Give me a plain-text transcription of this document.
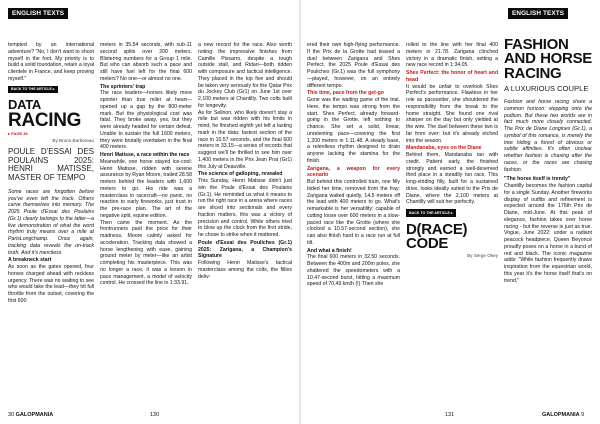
ENGLISH TEXTS

tempted by an international adventure? "No, I don't want to shoot myself in the foot. My priority is to build a solid foundation, retain a loyal clientele in France, and keep proving myself."

BACK TO THE ARTICLE ▸
DATA
RACING
▸ PAGE 36
By Bruno Barbereau
POULE D'ESSAI DES POULAINS 2025: HENRI MATISSE, MASTER OF TEMPO

Some races are forgotten before you've even left the track. Others carve themselves into memory. The 2025 Poule d'Essai des Poulains (Gr.1) clearly belongs to the latter—a live demonstration of what the word rhythm truly means over a mile at ParisLongchamp. Once again, tracking data reveals the on-track truth. And it's merciless.

A breakneck start

As soon as the gates opened, four horses charged ahead with reckless urgency. There was no waiting to see who would take the lead—they hit full throttle from the outset, covering the first 600

meters in 35.54 seconds, with sub-11 second splits over 200 meters. Blistering numbers for a Group 1 mile. But who can absorb such a pace and still have fuel left for the final 600 meters? No one—or almost no one.

The sprinters' trap

The race leaders—horses likely more sprinter than true miler at heart—opened up a gap by the 800-meter mark. But the physiological cost was fatal. They broke away, yes, but they were already headed for certain defeat. Unable to sustain the full 1600 meters, they were brutally overtaken in the final 400 meters.

Henri Matisse, a race within the race

Meanwhile, one horse stayed ice-cool: Henri Matisse, ridden with serene assurance by Ryan Moore, trailed 28.58 meters behind the leaders with 1,600 meters to go. His ride was a masterclass in racecraft—no panic, no reaction to early fireworks, just trust in the pre-race plan. The art of the negative split, equine edition.

Then came the moment. As the frontrunners paid the price for their madness, Moore calmly asked for acceleration. Tracking data showed a horse lengthening with ease, gaining ground meter by meter—like an artist completing his masterpiece. This was no longer a race, it was a lesson in pace management, a model of velocity control. He crossed the line in 1:33.91,

a new record for the race. Also worth noting: the impressive finishes from Camille Pissarro, despite a tough outside stall, and Ridari—both ridden with composure and tactical intelligence. They placed in the top five and should be taken very seriously for the Qatar Prix du Jockey Club (Gr1) on June 1st over 2,100 meters at Chantilly. Two colts built for longevity.

As for Selinon, who likely doesn't stay a mile but was ridden with his limits in mind, he finished eighth yet left a lasting mark in the data: fastest section of the race in 10.57 seconds, and the final 600 meters in 33.15—a series of records that suggest we'll be thrilled to see him over 1,400 meters in the Prix Jean Prat (Gr1) this July at Deauville.

The science of galloping, revealed

This Sunday, Henri Matisse didn't just win the Poule d'Essai des Poulains (Gr.1). He reminded us what it means to run the right race in a arena where races are sliced into sectionals and every fraction matters, this was a victory of precision and control. While others tried to blow up the clock from the first stride, he chose to strike when it mattered.

Poule d'Essai des Pouliches (Gr.1) 2025: Zarigana, a Champion's Signature

Following Henri Matisse's tactical masterclass among the colts, the fillies deliv-

30 GALOPMANIA	130
ENGLISH TEXTS

ered their own high-flying performance. If the Prix de la Grotte had teased a duel between Zarigana and Shes Perfect, the 2025 Poule d'Essai des Pouliches (Gr.1) was the full symphony—played, however, on an entirely different tempo.

This time, pace from the get-go

Gone was the waiting game of the trial. Here, the tempo was strong from the start. Shes Perfect, already forward-going in the Grotte, left nothing to chance. She set a solid, linear, unrelenting pace—covering the first 1,200 meters in 1:11.48. A steady base, a relentless rhythm designed to drain anyone lacking the stamina for the finish.

Zarigana, a weapon for every scenario

But behind this controlled train, one filly bided her time, removed from the fray: Zarigana waited quietly, 14.5 meters off the lead with 400 meters to go. What's remarkable is her versatility: capable of cutting loose over 600 meters in a slow-paced race like the Grotte (where she clocked a 10.57-second section), she can also finish hard in a race run at full tilt.

And what a finish!

The final 600 meters in 32.50 seconds. Between the 400m and 200m poles, she shattered the speedometers with a 10.47-second burst, hitting a maximum speed of 70.49 km/h (!) Then she

rolled to the line with her final 400 meters in 21.78. Zarigana clinched victory in a dramatic finish, setting a new race record in 1:34.05.

Shes Perfect: the honor of heart and head

It would be unfair to overlook Shes Perfect's performance. Flawless in her role as pacesetter, she shouldered the responsibility from the break to the home straight. She found one rival sharper on the day but only yielded at the wire. The duel between these two is far from over: but it's already etched into the season.

Mandanaba, eyes on the Diane

Behind them, Mandanaba ran with credit. Patient early, the finished strongly and earned a well-deserved third place in a steadily run race. This long-striding filly, built for a sustained drive, looks ideally suited to the Prix de Diane, where the 2,100 meters at Chantilly will suit her perfectly.

BACK TO THE ARTICLE ▸
D(RACE)
CODE
By Serge Okey
FASHION AND HORSE RACING
A LUXURIOUS COUPLE

Fashion and horse racing share a common horizon: stepping onto the podium. But these two worlds are in fact much more closely connected. The Prix de Diane Longines (Gr.1), a symbol of this romance, is merely the tree hiding a forest of obvious or subtle affinities. It's often unclear whether fashion is chasing after the races, or the races are chasing fashion.

"The horse itself is trendy"

Chantilly becomes the fashion capital for a single Sunday. Another fireworks display of outfits and refinement is expected around the 176th Prix de Diane, mid-June. At this peak of elegance, fashion takes over horse racing - but the reverse is just as true. Vogue, June 2022: under a radiant peacock headpiece, Queen Beyoncé proudly poses on a horse in a burst of red and black. The iconic magazine adds: "While fashion frequently draws inspiration from the equestrian world, this year it's the horse itself that's on trend."

131	GALOPMANIA 9
